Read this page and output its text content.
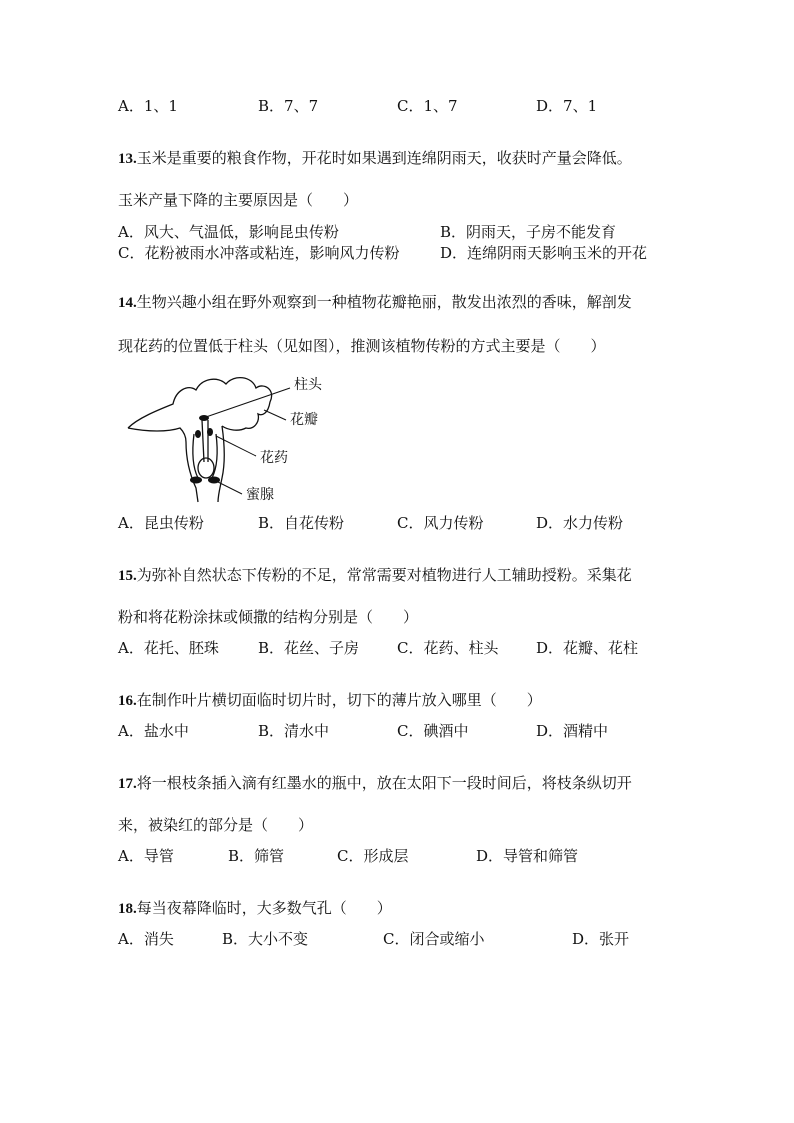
A．1、1	B．7、7	C．1、7	D．7、1
13.玉米是重要的粮食作物，开花时如果遇到连绵阴雨天，收获时产量会降低。
玉米产量下降的主要原因是（　　）
A．风大、气温低，影响昆虫传粉	B．阴雨天，子房不能发育
C．花粉被雨水冲落或粘连，影响风力传粉	D．连绵阴雨天影响玉米的开花
14.生物兴趣小组在野外观察到一种植物花瓣艳丽，散发出浓烈的香味，解剖发
现花药的位置低于柱头（见如图），推测该植物传粉的方式主要是（　　）
柱头
花瓣
花药
蜜腺
A．昆虫传粉	B．自花传粉	C．风力传粉	D．水力传粉
15.为弥补自然状态下传粉的不足，常常需要对植物进行人工辅助授粉。采集花
粉和将花粉涂抹或倾撒的结构分别是（　　）
A．花托、胚珠	B．花丝、子房	C．花药、柱头	D．花瓣、花柱
16.在制作叶片横切面临时切片时，切下的薄片放入哪里（　　）
A．盐水中	B．清水中	C．碘酒中	D．酒精中
17.将一根枝条插入滴有红墨水的瓶中，放在太阳下一段时间后，将枝条纵切开
来，被染红的部分是（　　）
A．导管	B．筛管	C．形成层	D．导管和筛管
18.每当夜幕降临时，大多数气孔（　　）
A．消失	B．大小不变	C．闭合或缩小	D．张开
